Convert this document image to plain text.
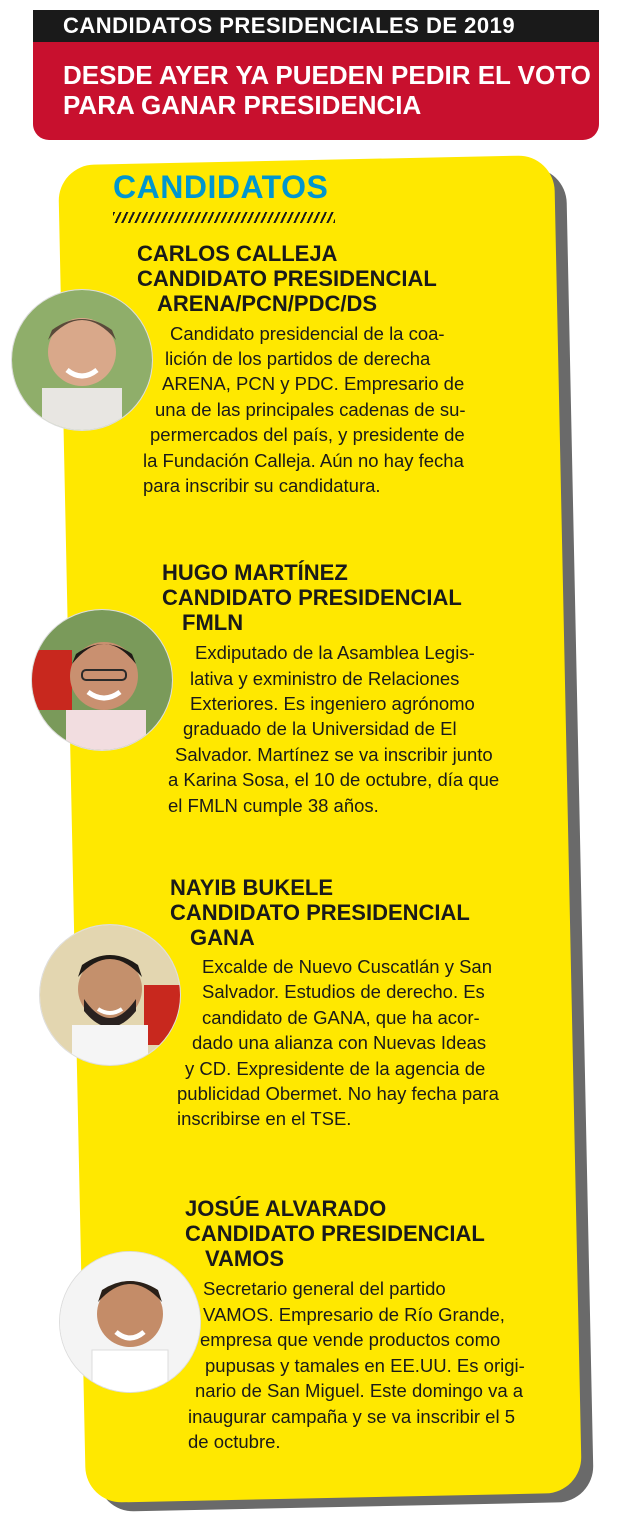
CANDIDATOS PRESIDENCIALES DE 2019
DESDE AYER YA PUEDEN PEDIR EL VOTO
PARA GANAR PRESIDENCIA
CANDIDATOS
CARLOS CALLEJA
CANDIDATO PRESIDENCIAL
ARENA/PCN/PDC/DS
Candidato presidencial de la coa-
lición de los partidos de derecha
ARENA, PCN y PDC. Empresario de
una de las principales cadenas de su-
permercados del país, y presidente de
la Fundación Calleja. Aún no hay fecha
para inscribir su candidatura.
HUGO MARTÍNEZ
CANDIDATO PRESIDENCIAL
FMLN
Exdiputado de la Asamblea Legis-
lativa y exministro de Relaciones
Exteriores. Es ingeniero agrónomo
graduado de la Universidad de El
Salvador. Martínez se va inscribir junto
a Karina Sosa, el 10 de octubre, día que
el FMLN cumple 38 años.
NAYIB BUKELE
CANDIDATO PRESIDENCIAL
GANA
Excalde de Nuevo Cuscatlán y San
Salvador. Estudios de derecho. Es
candidato de GANA, que ha acor-
dado una alianza con Nuevas Ideas
y CD. Expresidente de la agencia de
publicidad Obermet. No hay fecha para
inscribirse en el TSE.
JOSÚE ALVARADO
CANDIDATO PRESIDENCIAL
VAMOS
Secretario general del partido
VAMOS. Empresario de Río Grande,
empresa que vende productos como
pupusas y tamales en EE.UU. Es origi-
nario de San Miguel. Este domingo va a
inaugurar campaña y se va inscribir el 5
de octubre.
